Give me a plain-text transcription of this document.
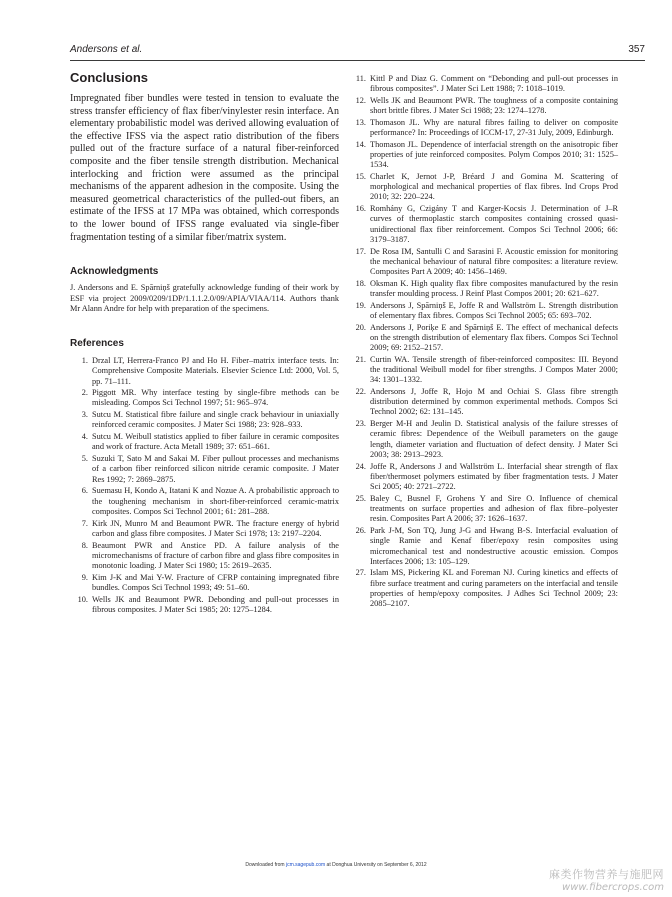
Andersons et al.	357
Conclusions

Impregnated fiber bundles were tested in tension to evaluate the stress transfer efficiency of flax fiber/vinylester resin interface. An elementary probabilistic model was derived allowing evaluation of the effective IFSS via the aspect ratio distribution of the fibers pulled out of the fracture surface of a natural fiber-reinforced composite and the fiber tensile strength distribution. Mechanical interlocking and friction were assumed as the principal mechanisms of the apparent adhesion in the composite. Using the measured geometrical characteristics of the pulled-out fibers, an estimate of the IFSS at 17 MPa was obtained, which corresponds to the lower bound of IFSS range evaluated via single-fiber fragmentation testing of a similar fiber/matrix system.

Acknowledgments

J. Andersons and E. Spārniņš gratefully acknowledge funding of their work by ESF via project 2009/0209/1DP/1.1.1.2.0/09/APIA/VIAA/114. Authors thank Mr Alann Andre for help with preparation of the specimens.

References
1. Drzal LT, Herrera-Franco PJ and Ho H. Fiber–matrix interface tests. In: Comprehensive Composite Materials. Elsevier Science Ltd: 2000, Vol. 5, pp. 71–111.
2. Piggott MR. Why interface testing by single-fibre methods can be misleading. Compos Sci Technol 1997; 51: 965–974.
3. Sutcu M. Statistical fibre failure and single crack behaviour in uniaxially reinforced ceramic composites. J Mater Sci 1988; 23: 928–933.
4. Sutcu M. Weibull statistics applied to fiber failure in ceramic composites and work of fracture. Acta Metall 1989; 37: 651–661.
5. Suzuki T, Sato M and Sakai M. Fiber pullout processes and mechanisms of a carbon fiber reinforced silicon nitride ceramic composite. J Mater Res 1992; 7: 2869–2875.
6. Suemasu H, Kondo A, Itatani K and Nozue A. A probabilistic approach to the toughening mechanism in short-fiber-reinforced ceramic-matrix composites. Compos Sci Technol 2001; 61: 281–288.
7. Kirk JN, Munro M and Beaumont PWR. The fracture energy of hybrid carbon and glass fibre composites. J Mater Sci 1978; 13: 2197–2204.
8. Beaumont PWR and Anstice PD. A failure analysis of the micromechanisms of fracture of carbon fibre and glass fibre composites in monotonic loading. J Mater Sci 1980; 15: 2619–2635.
9. Kim J-K and Mai Y-W. Fracture of CFRP containing impregnated fibre bundles. Compos Sci Technol 1993; 49: 51–60.
10. Wells JK and Beaumont PWR. Debonding and pull-out processes in fibrous composites. J Mater Sci 1985; 20: 1275–1284.
11. Kittl P and Diaz G. Comment on “Debonding and pull-out processes in fibrous composites”. J Mater Sci Lett 1988; 7: 1018–1019.
12. Wells JK and Beaumont PWR. The toughness of a composite containing short brittle fibres. J Mater Sci 1988; 23: 1274–1278.
13. Thomason JL. Why are natural fibres failing to deliver on composite performance? In: Proceedings of ICCM-17, 27-31 July, 2009, Edinburgh.
14. Thomason JL. Dependence of interfacial strength on the anisotropic fiber properties of jute reinforced composites. Polym Compos 2010; 31: 1525–1534.
15. Charlet K, Jernot J-P, Bréard J and Gomina M. Scattering of morphological and mechanical properties of flax fibres. Ind Crops Prod 2010; 32: 220–224.
16. Romhány G, Czigány T and Karger-Kocsis J. Determination of J–R curves of thermoplastic starch composites containing crossed quasi-unidirectional flax fiber reinforcement. Compos Sci Technol 2006; 66: 3179–3187.
17. De Rosa IM, Santulli C and Sarasini F. Acoustic emission for monitoring the mechanical behaviour of natural fibre composites: a literature review. Composites Part A 2009; 40: 1456–1469.
18. Oksman K. High quality flax fibre composites manufactured by the resin transfer moulding process. J Reinf Plast Compos 2001; 20: 621–627.
19. Andersons J, Spārniņš E, Joffe R and Wallström L. Strength distribution of elementary flax fibres. Compos Sci Technol 2005; 65: 693–702.
20. Andersons J, Poriķe E and Spārniņš E. The effect of mechanical defects on the strength distribution of elementary flax fibers. Compos Sci Technol 2009; 69: 2152–2157.
21. Curtin WA. Tensile strength of fiber-reinforced composites: III. Beyond the traditional Weibull model for fiber strengths. J Compos Mater 2000; 34: 1301–1332.
22. Andersons J, Joffe R, Hojo M and Ochiai S. Glass fibre strength distribution determined by common experimental methods. Compos Sci Technol 2002; 62: 131–145.
23. Berger M-H and Jeulin D. Statistical analysis of the failure stresses of ceramic fibres: Dependence of the Weibull parameters on the gauge length, diameter variation and fluctuation of defect density. J Mater Sci 2003; 38: 2913–2923.
24. Joffe R, Andersons J and Wallström L. Interfacial shear strength of flax fiber/thermoset polymers estimated by fiber fragmentation tests. J Mater Sci 2005; 40: 2721–2722.
25. Baley C, Busnel F, Grohens Y and Sire O. Influence of chemical treatments on surface properties and adhesion of flax fibre–polyester resin. Composites Part A 2006; 37: 1626–1637.
26. Park J-M, Son TQ, Jung J-G and Hwang B-S. Interfacial evaluation of single Ramie and Kenaf fiber/epoxy resin composites using micromechanical test and nondestructive acoustic emission. Compos Interfaces 2006; 13: 105–129.
27. Islam MS, Pickering KL and Foreman NJ. Curing kinetics and effects of fibre surface treatment and curing parameters on the interfacial and tensile properties of hemp/epoxy composites. J Adhes Sci Technol 2009; 23: 2085–2107.
Downloaded from jcm.sagepub.com at Donghua University on September 6, 2012
麻类作物营养与施肥网
www.fibercrops.com
